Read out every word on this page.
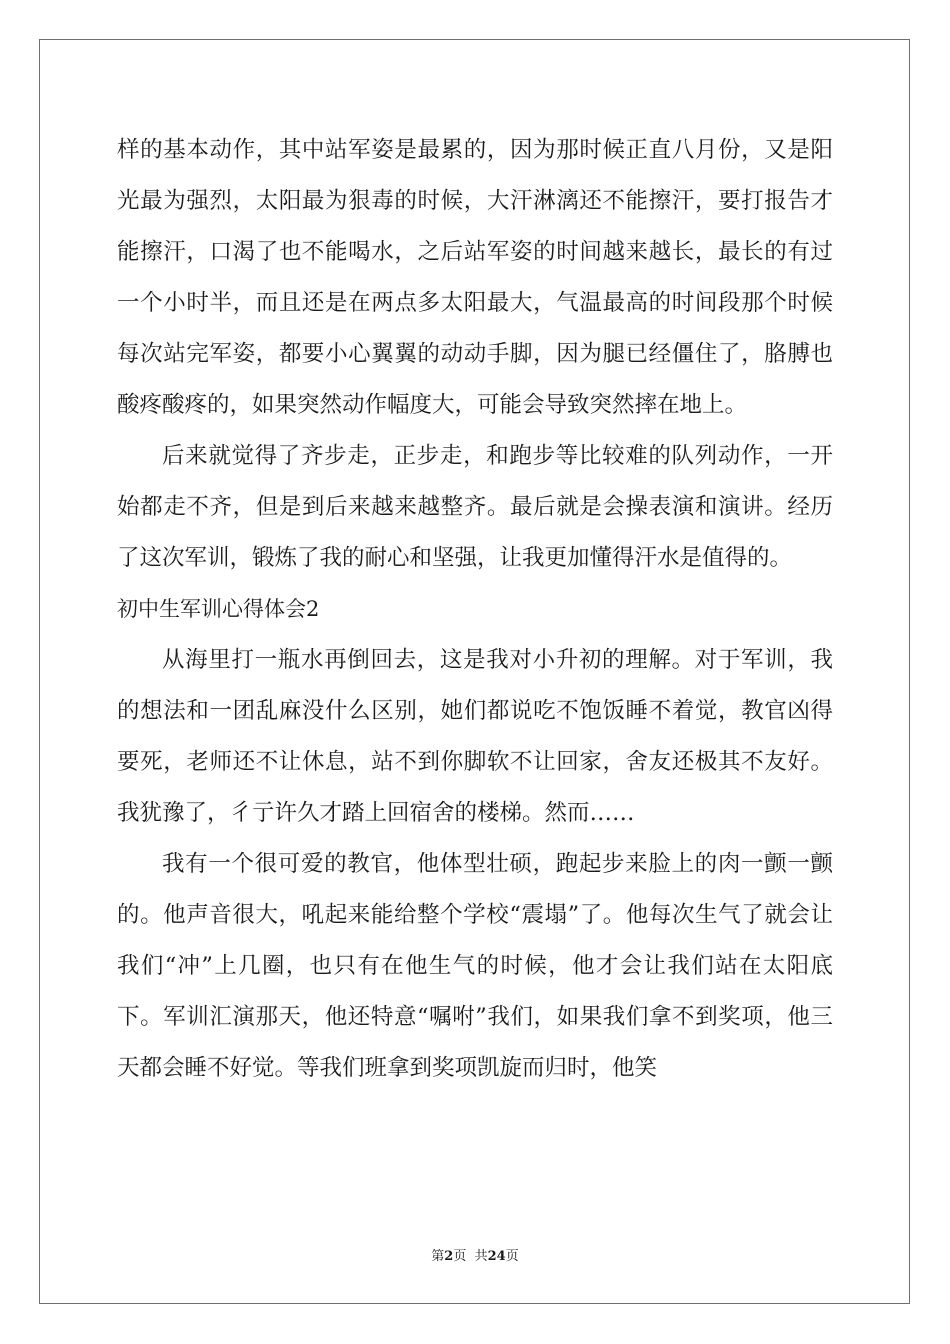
样的基本动作，其中站军姿是最累的，因为那时候正直八月份，又是阳光最为强烈，太阳最为狠毒的时候，大汗淋漓还不能擦汗，要打报告才能擦汗，口渴了也不能喝水，之后站军姿的时间越来越长，最长的有过一个小时半，而且还是在两点多太阳最大，气温最高的时间段那个时候每次站完军姿，都要小心翼翼的动动手脚，因为腿已经僵住了，胳膊也酸疼酸疼的，如果突然动作幅度大，可能会导致突然摔在地上。

后来就觉得了齐步走，正步走，和跑步等比较难的队列动作，一开始都走不齐，但是到后来越来越整齐。最后就是会操表演和演讲。经历了这次军训，锻炼了我的耐心和坚强，让我更加懂得汗水是值得的。

初中生军训心得体会2

从海里打一瓶水再倒回去，这是我对小升初的理解。对于军训，我的想法和一团乱麻没什么区别，她们都说吃不饱饭睡不着觉，教官凶得要死，老师还不让休息，站不到你脚软不让回家，舍友还极其不友好。我犹豫了，彳亍许久才踏上回宿舍的楼梯。然而……

我有一个很可爱的教官，他体型壮硕，跑起步来脸上的肉一颤一颤的。他声音很大，吼起来能给整个学校“震塌”了。他每次生气了就会让我们“冲”上几圈，也只有在他生气的时候，他才会让我们站在太阳底下。军训汇演那天，他还特意“嘱咐”我们，如果我们拿不到奖项，他三天都会睡不好觉。等我们班拿到奖项凯旋而归时，他笑

第2页  共24页
